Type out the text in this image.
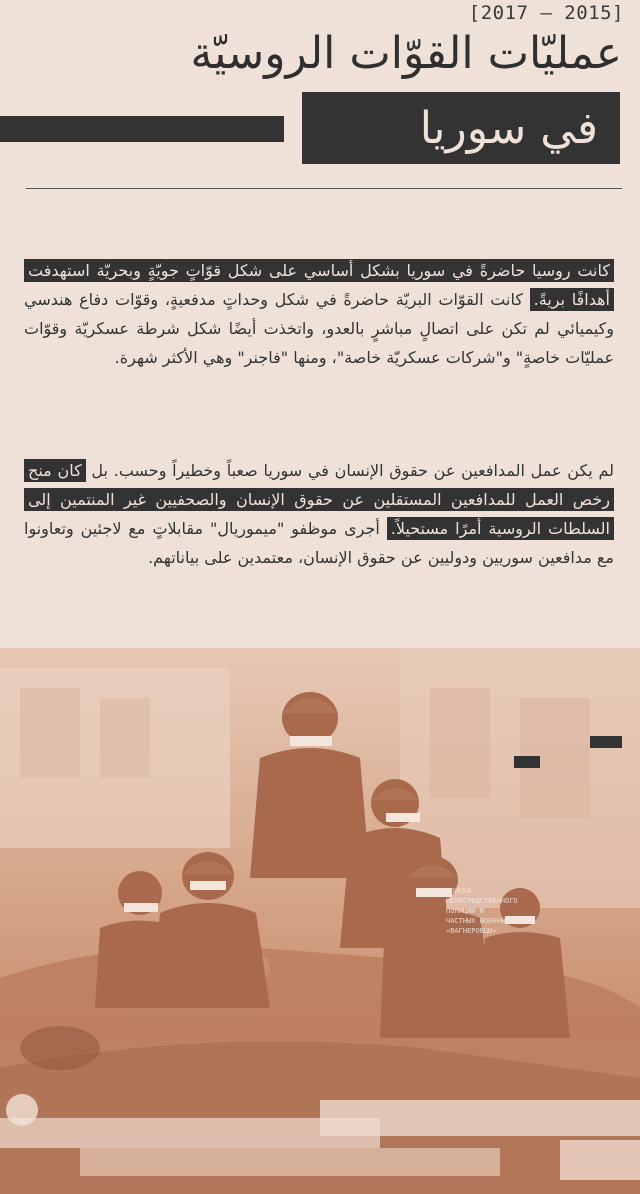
[2017 — 2015]
عمليّات القوّات الروسيّة
في سوريا

كانت روسيا حاضرةً في سوريا بشكل أساسي على شكل قوّاتٍ جويّةٍ وبحريّة استهدفت أهدافًا بريةً. كانت القوّات البريّة حاضرةً في شكل وحداتٍ مدفعيةٍ، وقوّات دفاع هندسي وكيميائي لم تكن على اتصالٍ مباشرٍ بالعدو، واتخذت أيضًا شكل شرطة عسكريّة وقوّات عمليّات خاصةٍ" و"شركات عسكريّة خاصة"، ومنها "فاجنر" وهي الأكثر شهرة.

لم يكن عمل المدافعين عن حقوق الإنسان في سوريا صعباً وخطيراً وحسب. بل كان منح رخص العمل للمدافعين المستقلين عن حقوق الإنسان والصحفيين غير المنتمين إلى السلطات الروسية أمرًا مستحيلاً. أجرى موظفو "ميموريال" مقابلاتٍ مع لاجئين وتعاونوا مع مدافعين سوريين ودوليين عن حقوق الإنسان، معتمدين على بياناتهم.

ВОЙСКА
НЕПОСРЕДСТВЕННОГО
ПОЛИЦИИ И
ЧАСТНЫХ ВОЕННЫХ КОМ
«ВАГНЕРОВЦЫ»
